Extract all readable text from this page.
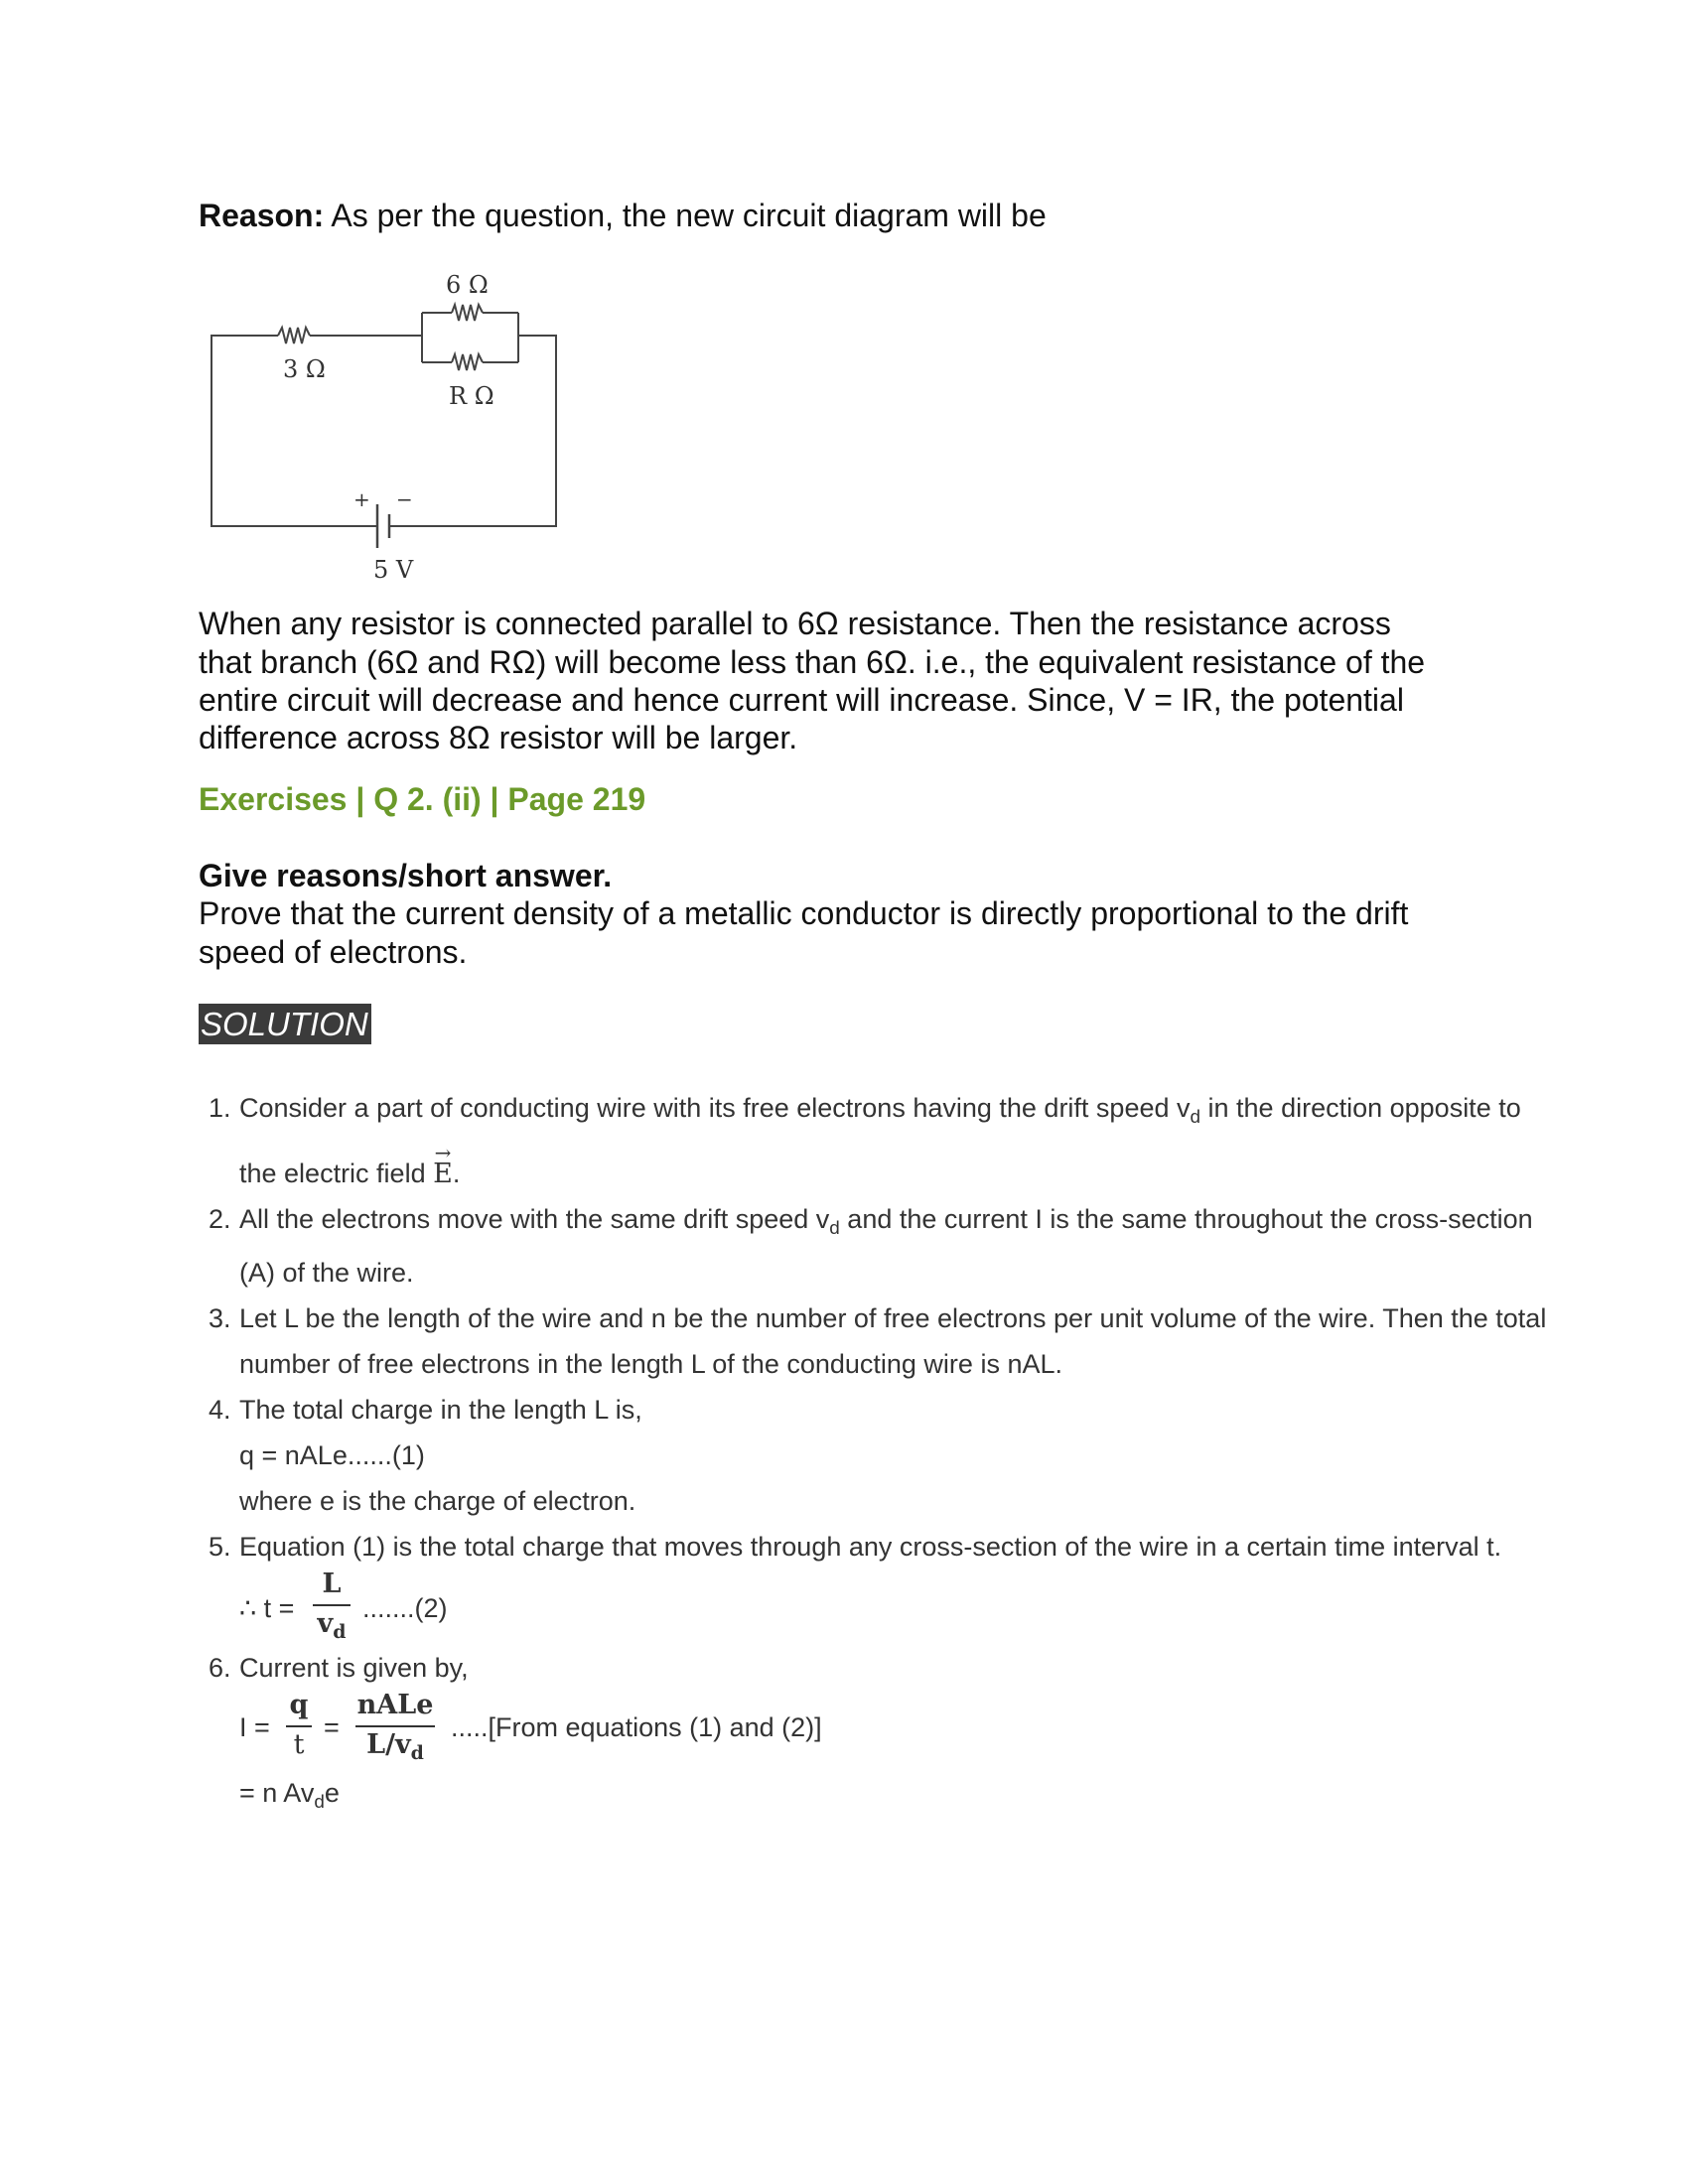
Reason: As per the question, the new circuit diagram will be

3 Ω
6 Ω
R Ω
+ −
5 V

When any resistor is connected parallel to 6Ω resistance. Then the resistance across

that branch (6Ω and RΩ) will become less than 6Ω. i.e., the equivalent resistance of the

entire circuit will decrease and hence current will increase. Since, V = IR, the potential

difference across 8Ω resistor will be larger.

Exercises | Q 2. (ii) | Page 219

Give reasons/short answer.

Prove that the current density of a metallic conductor is directly proportional to the drift

speed of electrons.

SOLUTION
1. Consider a part of conducting wire with its free electrons having the drift speed $v_d$ in the direction opposite to
the electric field
→
E.
2. All the electrons move with the same drift speed $v_d$ and the current I is the same throughout the cross-section
(A) of the wire.
3. Let L be the length of the wire and n be the number of free electrons per unit volume of the wire. Then the total
number of free electrons in the length L of the conducting wire is nAL.
4. The total charge in the length L is,
q = nALe......(1)
where e is the charge of electron.
5. Equation (1) is the total charge that moves through any cross-section of the wire in a certain time interval t.
∴ t =
L
$v_d$
.......(2)
6. Current is given by,
I =
q
t
=
nALe
$L/v_d$
.....[From equations (1) and (2)]
= n $Av_de$
